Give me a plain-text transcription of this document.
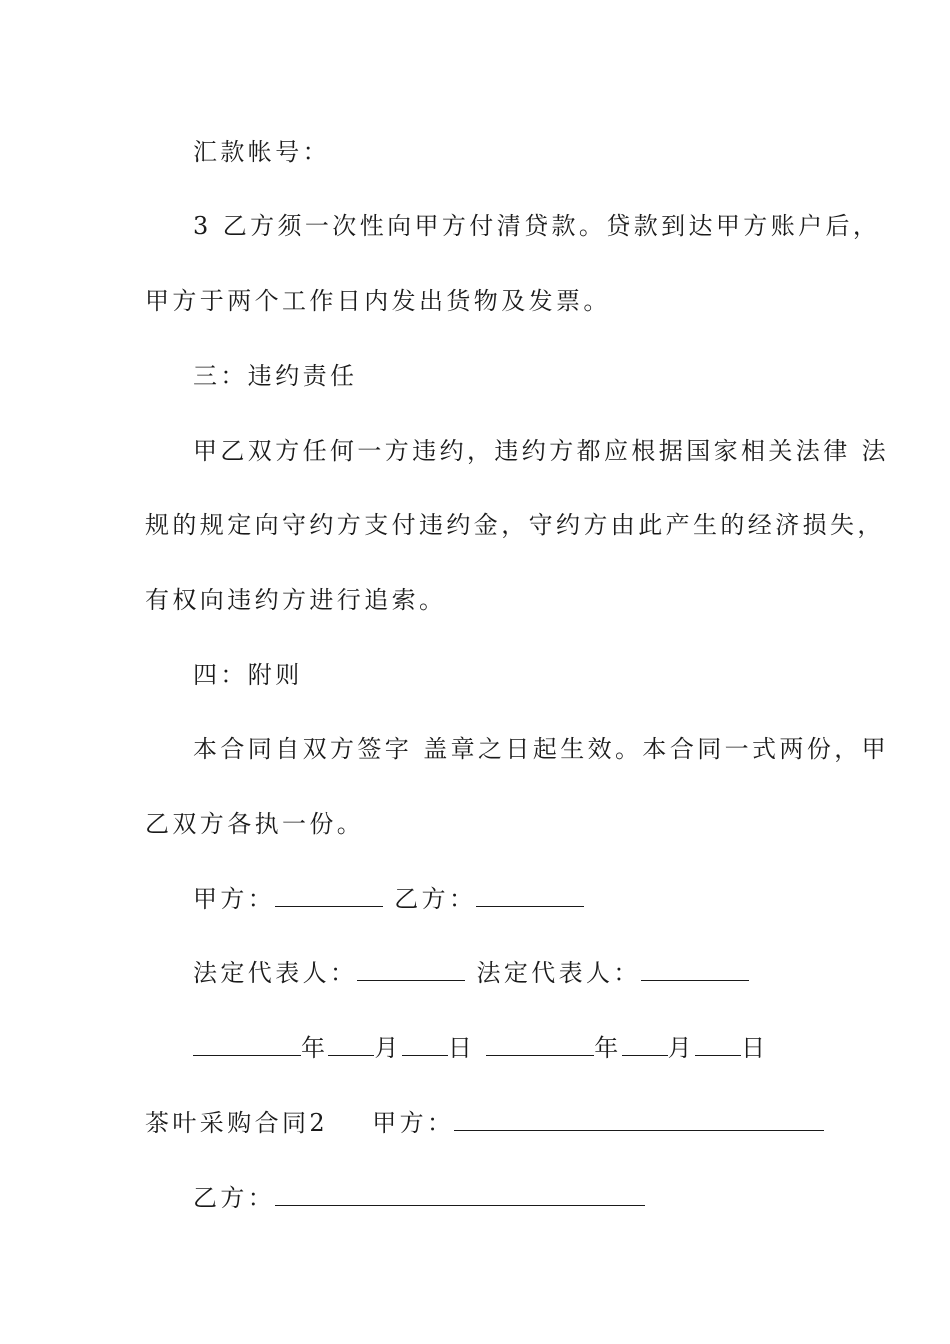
汇款帐号：
3 乙方须一次性向甲方付清贷款。贷款到达甲方账户后，
甲方于两个工作日内发出货物及发票。
三：违约责任
甲乙双方任何一方违约，违约方都应根据国家相关法律 法
规的规定向守约方支付违约金，守约方由此产生的经济损失，
有权向违约方进行追索。
四：附则
本合同自双方签字 盖章之日起生效。本合同一式两份，甲
乙双方各执一份。
甲方：	乙方：
法定代表人：	法定代表人：
年 月 日	年 月 日
茶叶采购合同2 甲方：
乙方：
